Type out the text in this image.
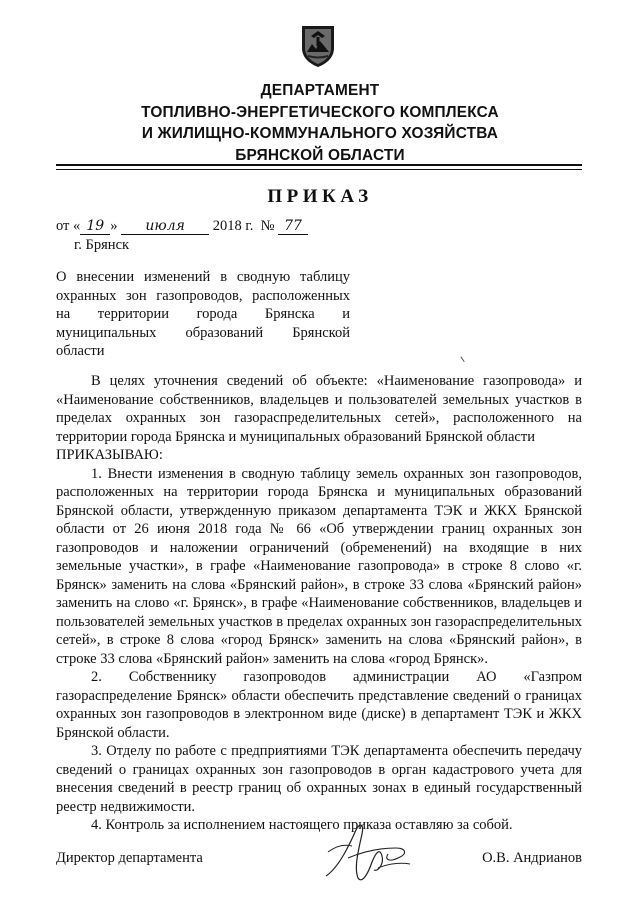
ДЕПАРТАМЕНТ
ТОПЛИВНО-ЭНЕРГЕТИЧЕСКОГО КОМПЛЕКСА
И ЖИЛИЩНО-КОММУНАЛЬНОГО ХОЗЯЙСТВА
БРЯНСКОЙ ОБЛАСТИ
ПРИКАЗ
от « 19 » июля 2018 г. № 77
г. Брянск
О внесении изменений в сводную таблицу
охранных зон газопроводов, расположенных
на территории города Брянска и
муниципальных образований Брянской
области

В целях уточнения сведений об объекте: «Наименование газопровода» и «Наименование собственников, владельцев и пользователей земельных участков в пределах охранных зон газораспределительных сетей», расположенного на территории города Брянска и муниципальных образований Брянской области

ПРИКАЗЫВАЮ:

1. Внести изменения в сводную таблицу земель охранных зон газопроводов, расположенных на территории города Брянска и муниципальных образований Брянской области, утвержденную приказом департамента ТЭК и ЖКХ Брянской области от 26 июня 2018 года № 66 «Об утверждении границ охранных зон газопроводов и наложении ограничений (обременений) на входящие в них земельные участки», в графе «Наименование газопровода» в строке 8 слово «г. Брянск» заменить на слова «Брянский район», в строке 33 слова «Брянский район» заменить на слово «г. Брянск», в графе «Наименование собственников, владельцев и пользователей земельных участков в пределах охранных зон газораспределительных сетей», в строке 8 слова «город Брянск» заменить на слова «Брянский район», в строке 33 слова «Брянский район» заменить на слова «город Брянск».

2. Собственнику газопроводов администрации АО «Газпром газораспределение Брянск» области обеспечить представление сведений о границах охранных зон газопроводов в электронном виде (диске) в департамент ТЭК и ЖКХ Брянской области.

3. Отделу по работе с предприятиями ТЭК департамента обеспечить передачу сведений о границах охранных зон газопроводов в орган кадастрового учета для внесения сведений в реестр границ об охранных зонах в единый государственный реестр недвижимости.

4. Контроль за исполнением настоящего приказа оставляю за собой.

Директор департамента	О.В. Андрианов
